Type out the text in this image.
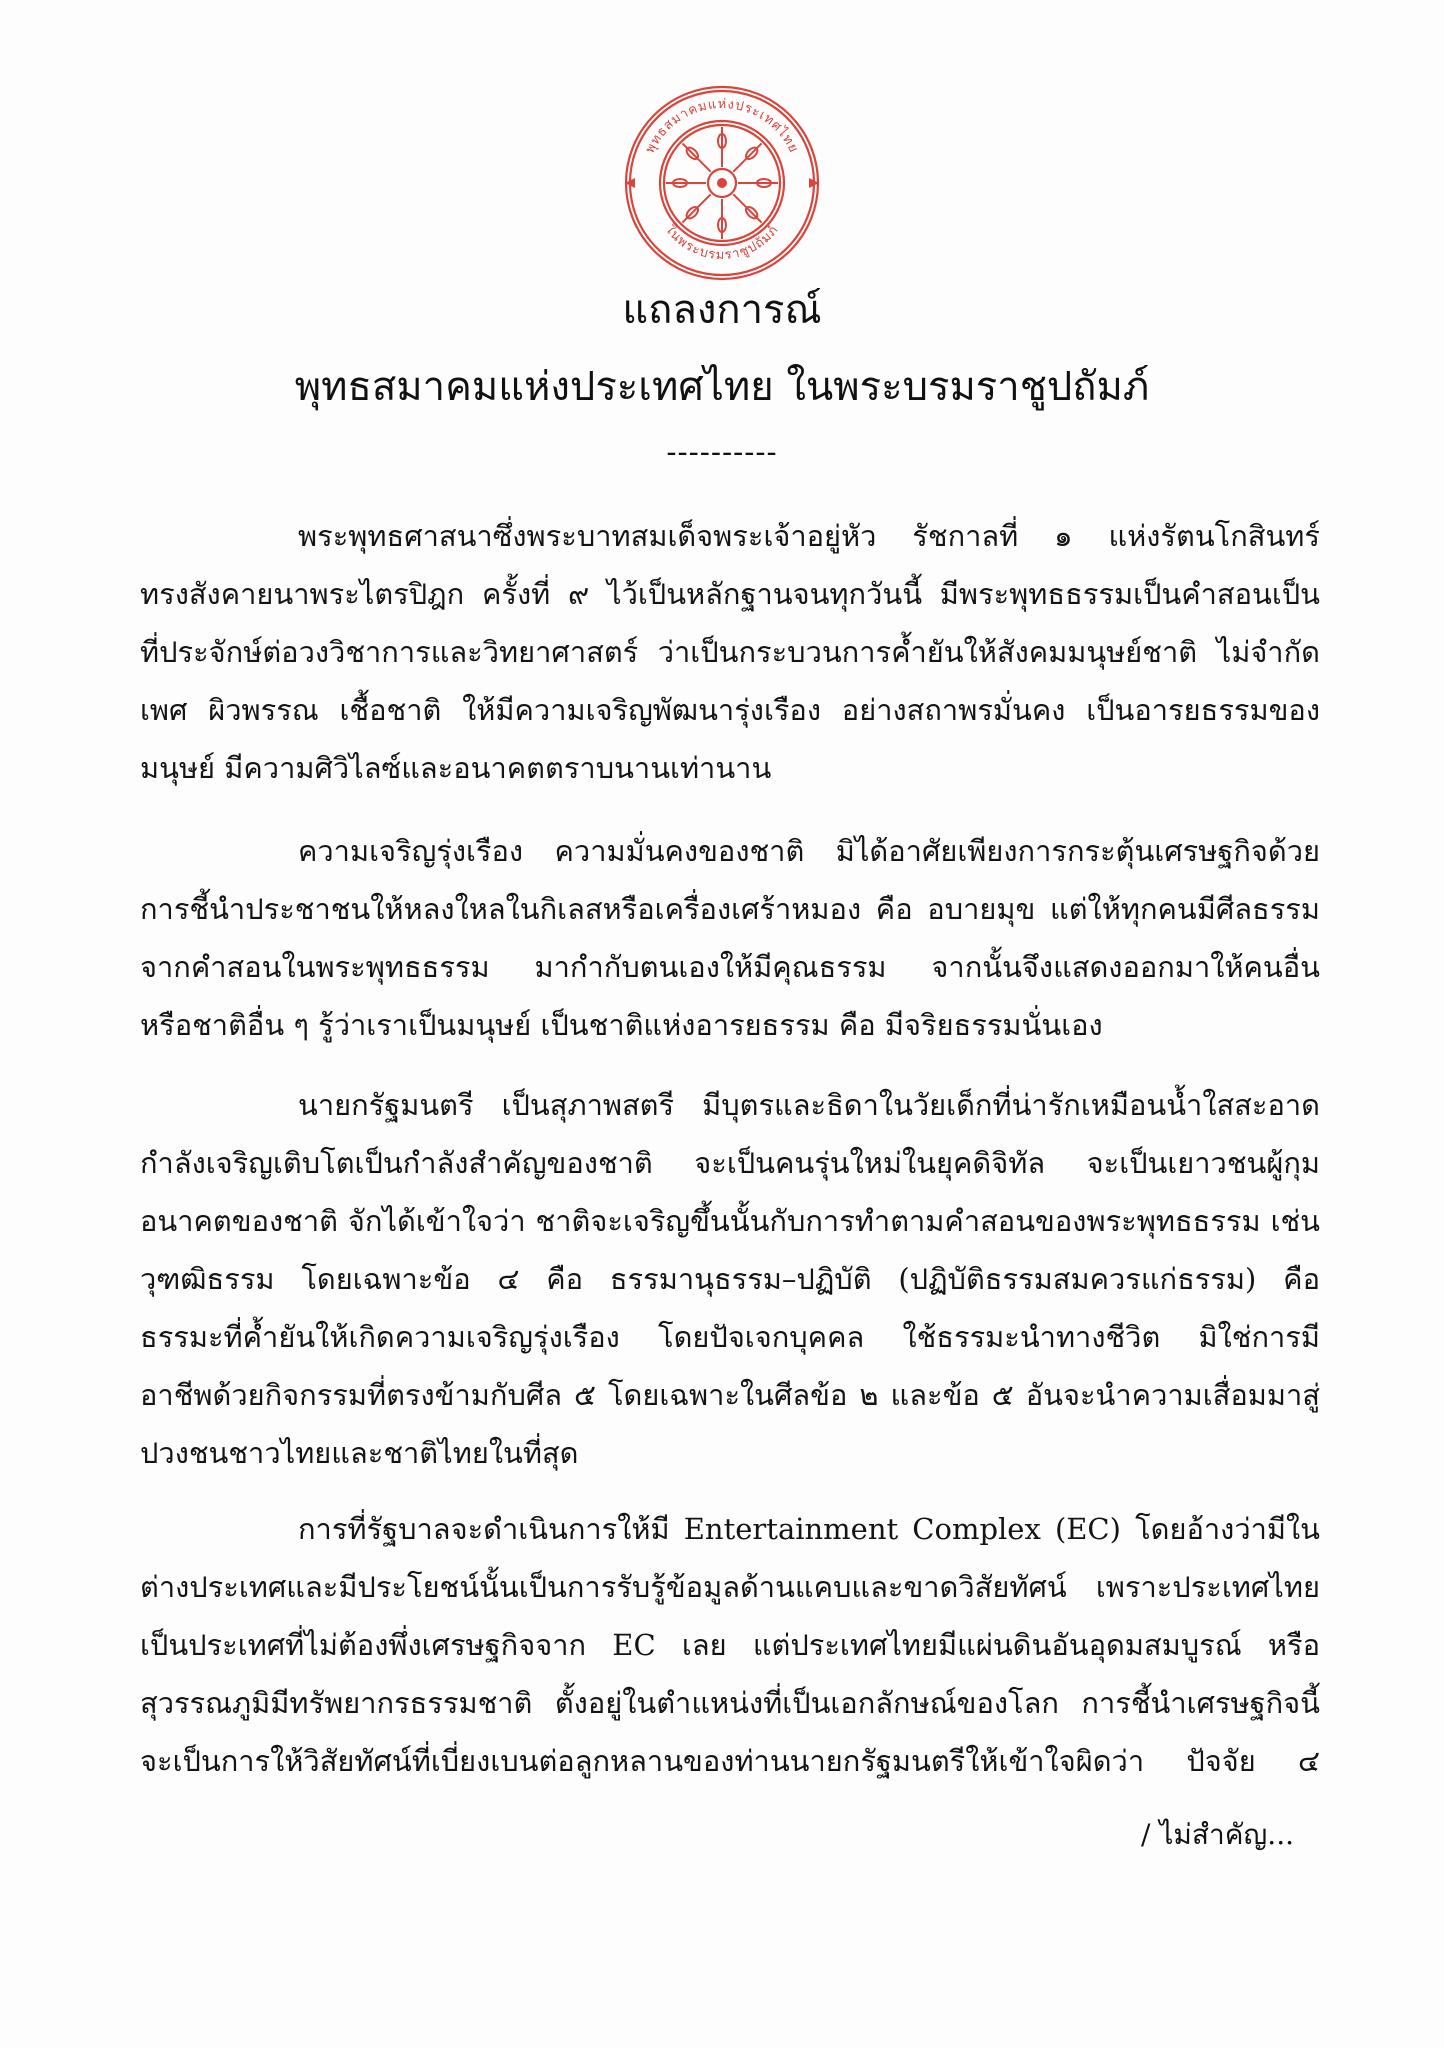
พุทธสมาคมแห่งประเทศไทย
ในพระบรมราชูปถัมภ์
แถลงการณ์
พุทธสมาคมแห่งประเทศไทย ในพระบรมราชูปถัมภ์
----------
พระพุทธศาสนาซึ่งพระบาทสมเด็จพระเจ้าอยู่หัว รัชกาลที่ ๑ แห่งรัตนโกสินทร์
ทรงสังคายนาพระไตรปิฎก ครั้งที่ ๙ ไว้เป็นหลักฐานจนทุกวันนี้ มีพระพุทธธรรมเป็นคำสอนเป็น
ที่ประจักษ์ต่อวงวิชาการและวิทยาศาสตร์ ว่าเป็นกระบวนการค้ำยันให้สังคมมนุษย์ชาติ ไม่จำกัด
เพศ ผิวพรรณ เชื้อชาติ ให้มีความเจริญพัฒนารุ่งเรือง อย่างสถาพรมั่นคง เป็นอารยธรรมของ
มนุษย์ มีความศิวิไลซ์และอนาคตตราบนานเท่านาน
ความเจริญรุ่งเรือง ความมั่นคงของชาติ มิได้อาศัยเพียงการกระตุ้นเศรษฐกิจด้วย
การชี้นำประชาชนให้หลงใหลในกิเลสหรือเครื่องเศร้าหมอง คือ อบายมุข แต่ให้ทุกคนมีศีลธรรม
จากคำสอนในพระพุทธธรรม มากำกับตนเองให้มีคุณธรรม จากนั้นจึงแสดงออกมาให้คนอื่น
หรือชาติอื่น ๆ รู้ว่าเราเป็นมนุษย์ เป็นชาติแห่งอารยธรรม คือ มีจริยธรรมนั่นเอง
นายกรัฐมนตรี เป็นสุภาพสตรี มีบุตรและธิดาในวัยเด็กที่น่ารักเหมือนน้ำใสสะอาด
กำลังเจริญเติบโตเป็นกำลังสำคัญของชาติ จะเป็นคนรุ่นใหม่ในยุคดิจิทัล จะเป็นเยาวชนผู้กุม
อนาคตของชาติ จักได้เข้าใจว่า ชาติจะเจริญขึ้นนั้นกับการทำตามคำสอนของพระพุทธธรรม เช่น
วุฑฒิธรรม โดยเฉพาะข้อ ๔ คือ ธรรมานุธรรม–ปฏิบัติ (ปฏิบัติธรรมสมควรแก่ธรรม) คือ
ธรรมะที่ค้ำยันให้เกิดความเจริญรุ่งเรือง โดยปัจเจกบุคคล ใช้ธรรมะนำทางชีวิต มิใช่การมี
อาชีพด้วยกิจกรรมที่ตรงข้ามกับศีล ๕ โดยเฉพาะในศีลข้อ ๒ และข้อ ๕ อันจะนำความเสื่อมมาสู่
ปวงชนชาวไทยและชาติไทยในที่สุด
การที่รัฐบาลจะดำเนินการให้มี Entertainment Complex (EC) โดยอ้างว่ามีใน
ต่างประเทศและมีประโยชน์นั้นเป็นการรับรู้ข้อมูลด้านแคบและขาดวิสัยทัศน์ เพราะประเทศไทย
เป็นประเทศที่ไม่ต้องพึ่งเศรษฐกิจจาก EC เลย แต่ประเทศไทยมีแผ่นดินอันอุดมสมบูรณ์ หรือ
สุวรรณภูมิมีทรัพยากรธรรมชาติ ตั้งอยู่ในตำแหน่งที่เป็นเอกลักษณ์ของโลก การชี้นำเศรษฐกิจนี้
จะเป็นการให้วิสัยทัศน์ที่เบี่ยงเบนต่อลูกหลานของท่านนายกรัฐมนตรีให้เข้าใจผิดว่า ปัจจัย ๔
/ ไม่สำคัญ...
